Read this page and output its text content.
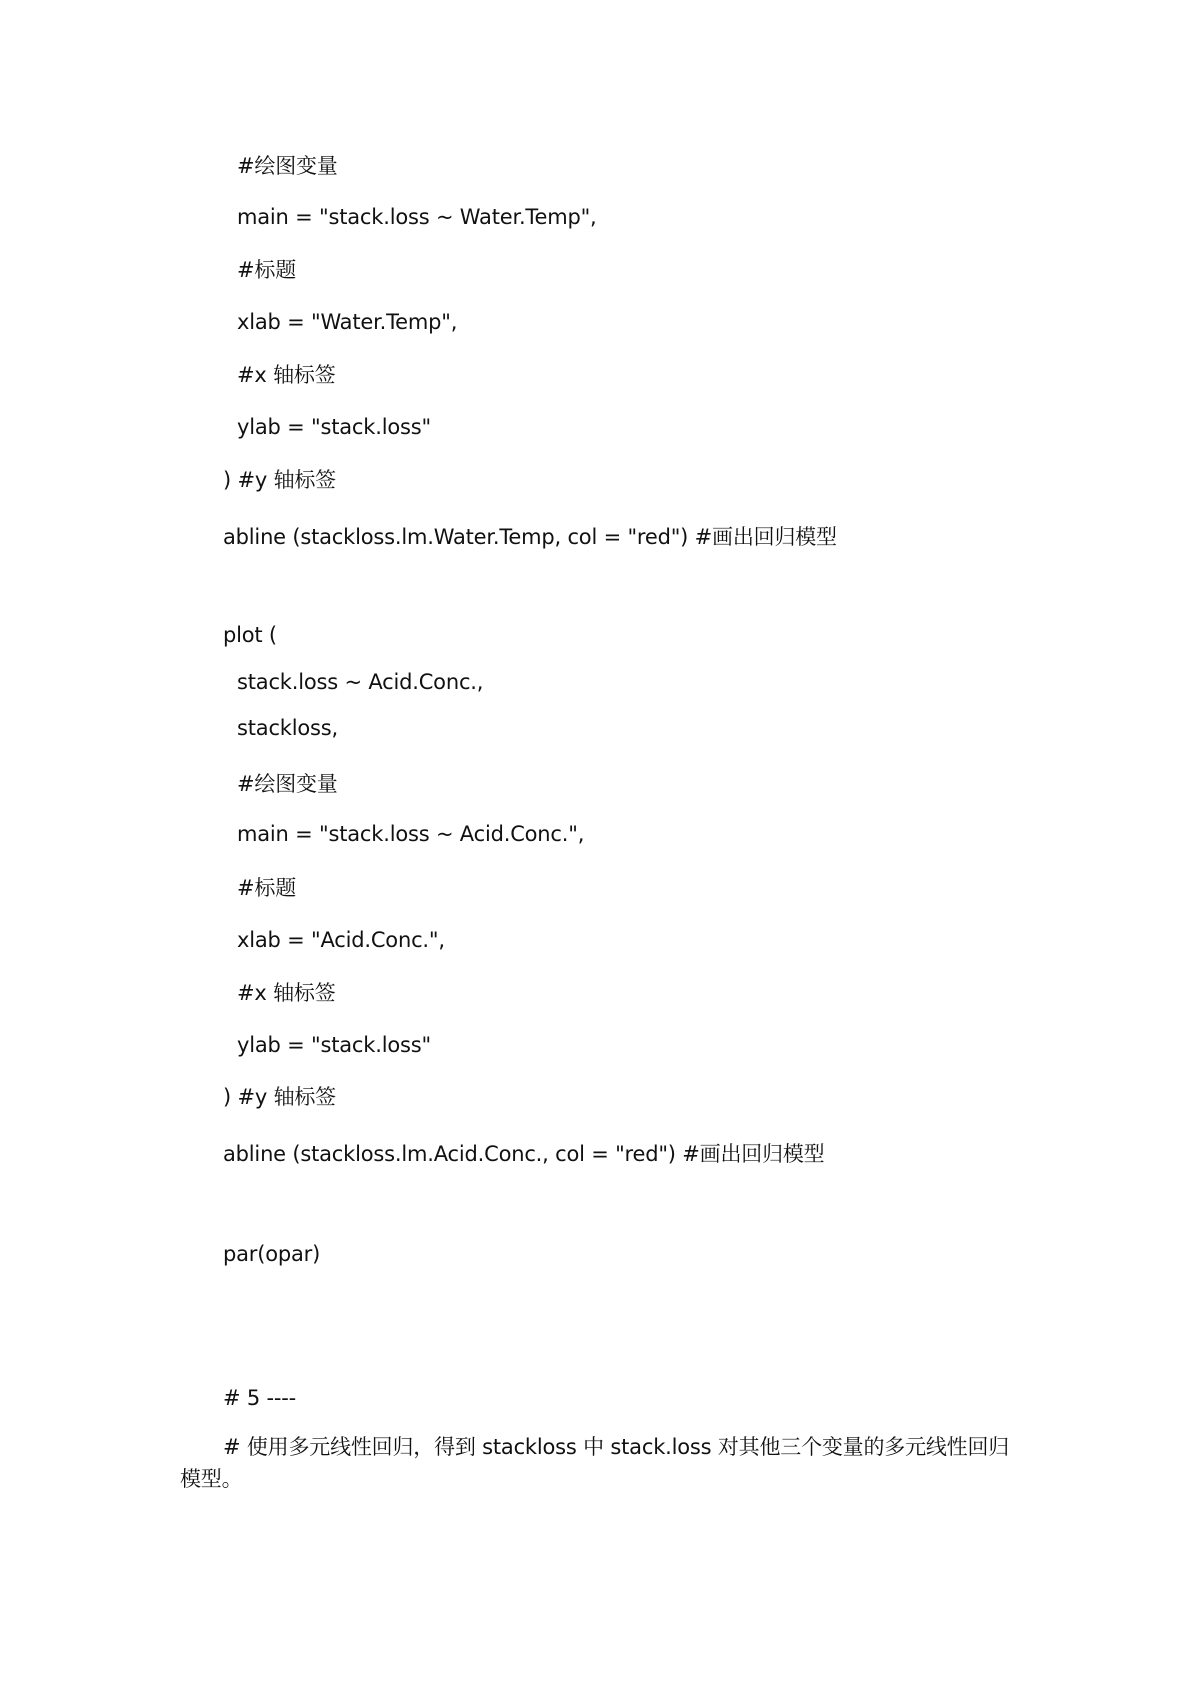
#绘图变量
main = "stack.loss ~ Water.Temp",
#标题
xlab = "Water.Temp",
#x 轴标签
ylab = "stack.loss"
) #y 轴标签
abline (stackloss.lm.Water.Temp, col = "red") #画出回归模型
plot (
stack.loss ~ Acid.Conc.,
stackloss,
#绘图变量
main = "stack.loss ~ Acid.Conc.",
#标题
xlab = "Acid.Conc.",
#x 轴标签
ylab = "stack.loss"
) #y 轴标签
abline (stackloss.lm.Acid.Conc., col = "red") #画出回归模型
par(opar)
# 5 ----
# 使用多元线性回归，得到 stackloss 中 stack.loss 对其他三个变量的多元线性回归模型。
